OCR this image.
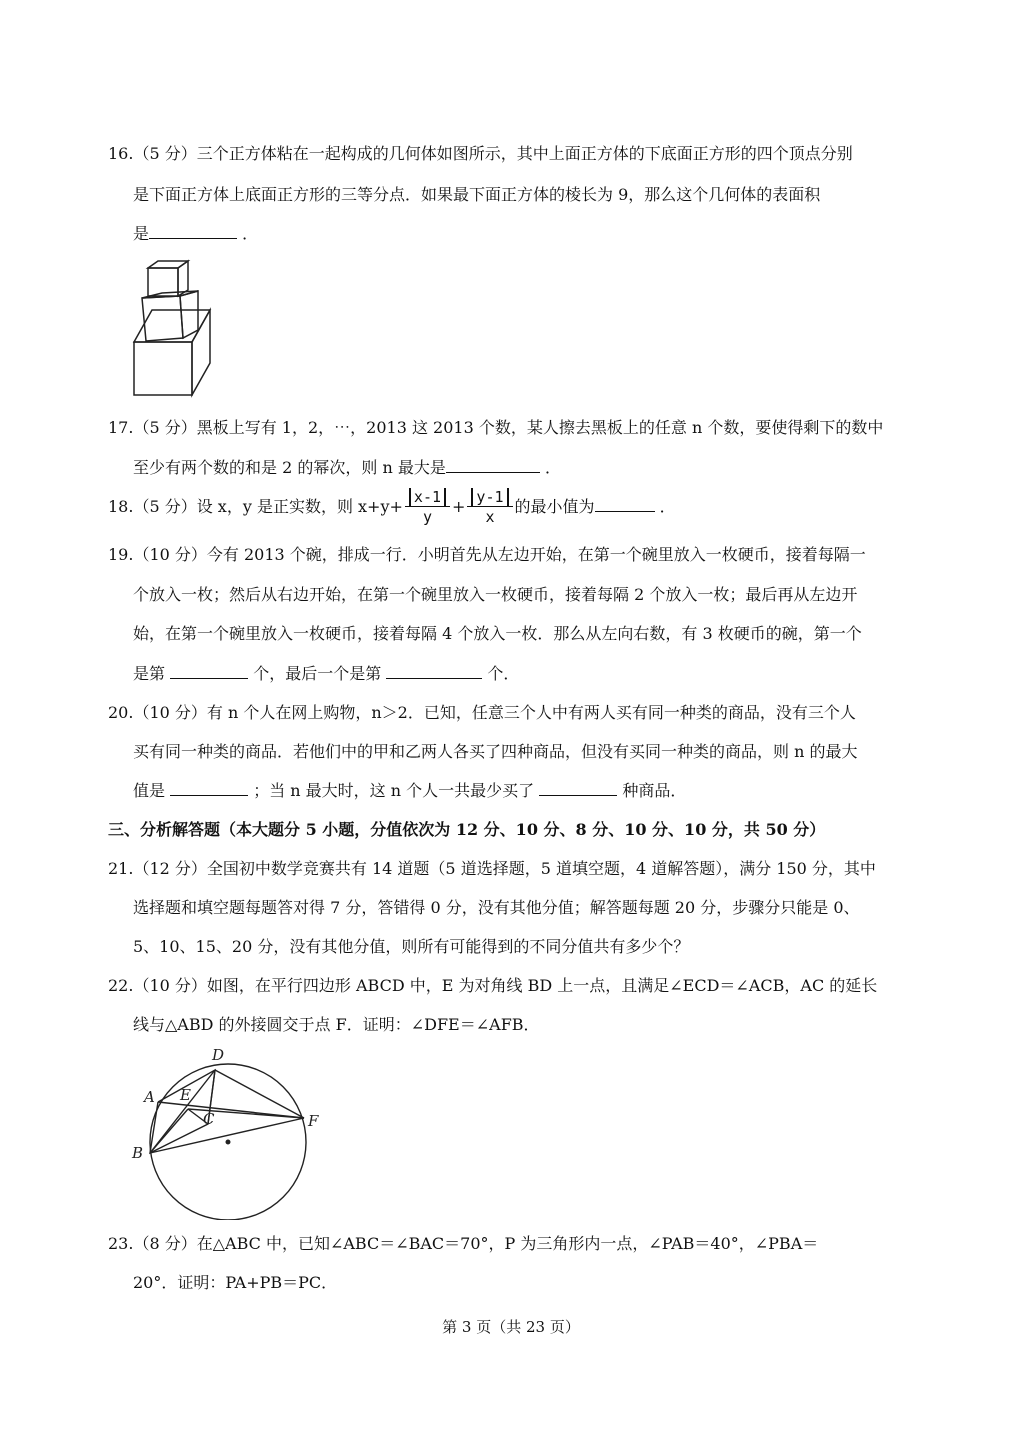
16.（5 分）三个正方体粘在一起构成的几何体如图所示，其中上面正方体的下底面正方形的四个顶点分别
是下面正方体上底面正方形的三等分点．如果最下面正方体的棱长为 9，那么这个几何体的表面积
是	．
17.（5 分）黑板上写有 1，2，⋯，2013 这 2013 个数，某人擦去黑板上的任意 n 个数，要使得剩下的数中
至少有两个数的和是 2 的幂次，则 n 最大是	．
18.（5 分）设 x，y 是正实数，则 $x+y+ \frac{x-1}{y} + \frac{y-1}{x}$ 的最小值为	．
19.（10 分）今有 2013 个碗，排成一行．小明首先从左边开始，在第一个碗里放入一枚硬币，接着每隔一
个放入一枚；然后从右边开始，在第一个碗里放入一枚硬币，接着每隔 2 个放入一枚；最后再从左边开
始，在第一个碗里放入一枚硬币，接着每隔 4 个放入一枚．那么从左向右数，有 3 枚硬币的碗，第一个
是第	个，最后一个是第	个．
20.（10 分）有 n 个人在网上购物，n＞2．已知，任意三个人中有两人买有同一种类的商品，没有三个人
买有同一种类的商品．若他们中的甲和乙两人各买了四种商品，但没有买同一种类的商品，则 n 的最大
值是	；当 n 最大时，这 n 个人一共最少买了	种商品．
三、分析解答题（本大题分 5 小题，分值依次为 12 分、10 分、8 分、10 分、10 分，共 50 分）
21.（12 分）全国初中数学竞赛共有 14 道题（5 道选择题，5 道填空题，4 道解答题），满分 150 分，其中
选择题和填空题每题答对得 7 分，答错得 0 分，没有其他分值；解答题每题 20 分，步骤分只能是 0、
5、10、15、20 分，没有其他分值，则所有可能得到的不同分值共有多少个？
22.（10 分）如图，在平行四边形 ABCD 中，E 为对角线 BD 上一点，且满足∠ECD＝∠ACB，AC 的延长
线与△ABD 的外接圆交于点 F．证明：∠DFE＝∠AFB．
D
A E
C	F
B
23.（8 分）在△ABC 中，已知∠ABC＝∠BAC＝70°，P 为三角形内一点，∠PAB＝40°，∠PBA＝
20°．证明：PA+PB＝PC．
第 3 页（共 23 页）
